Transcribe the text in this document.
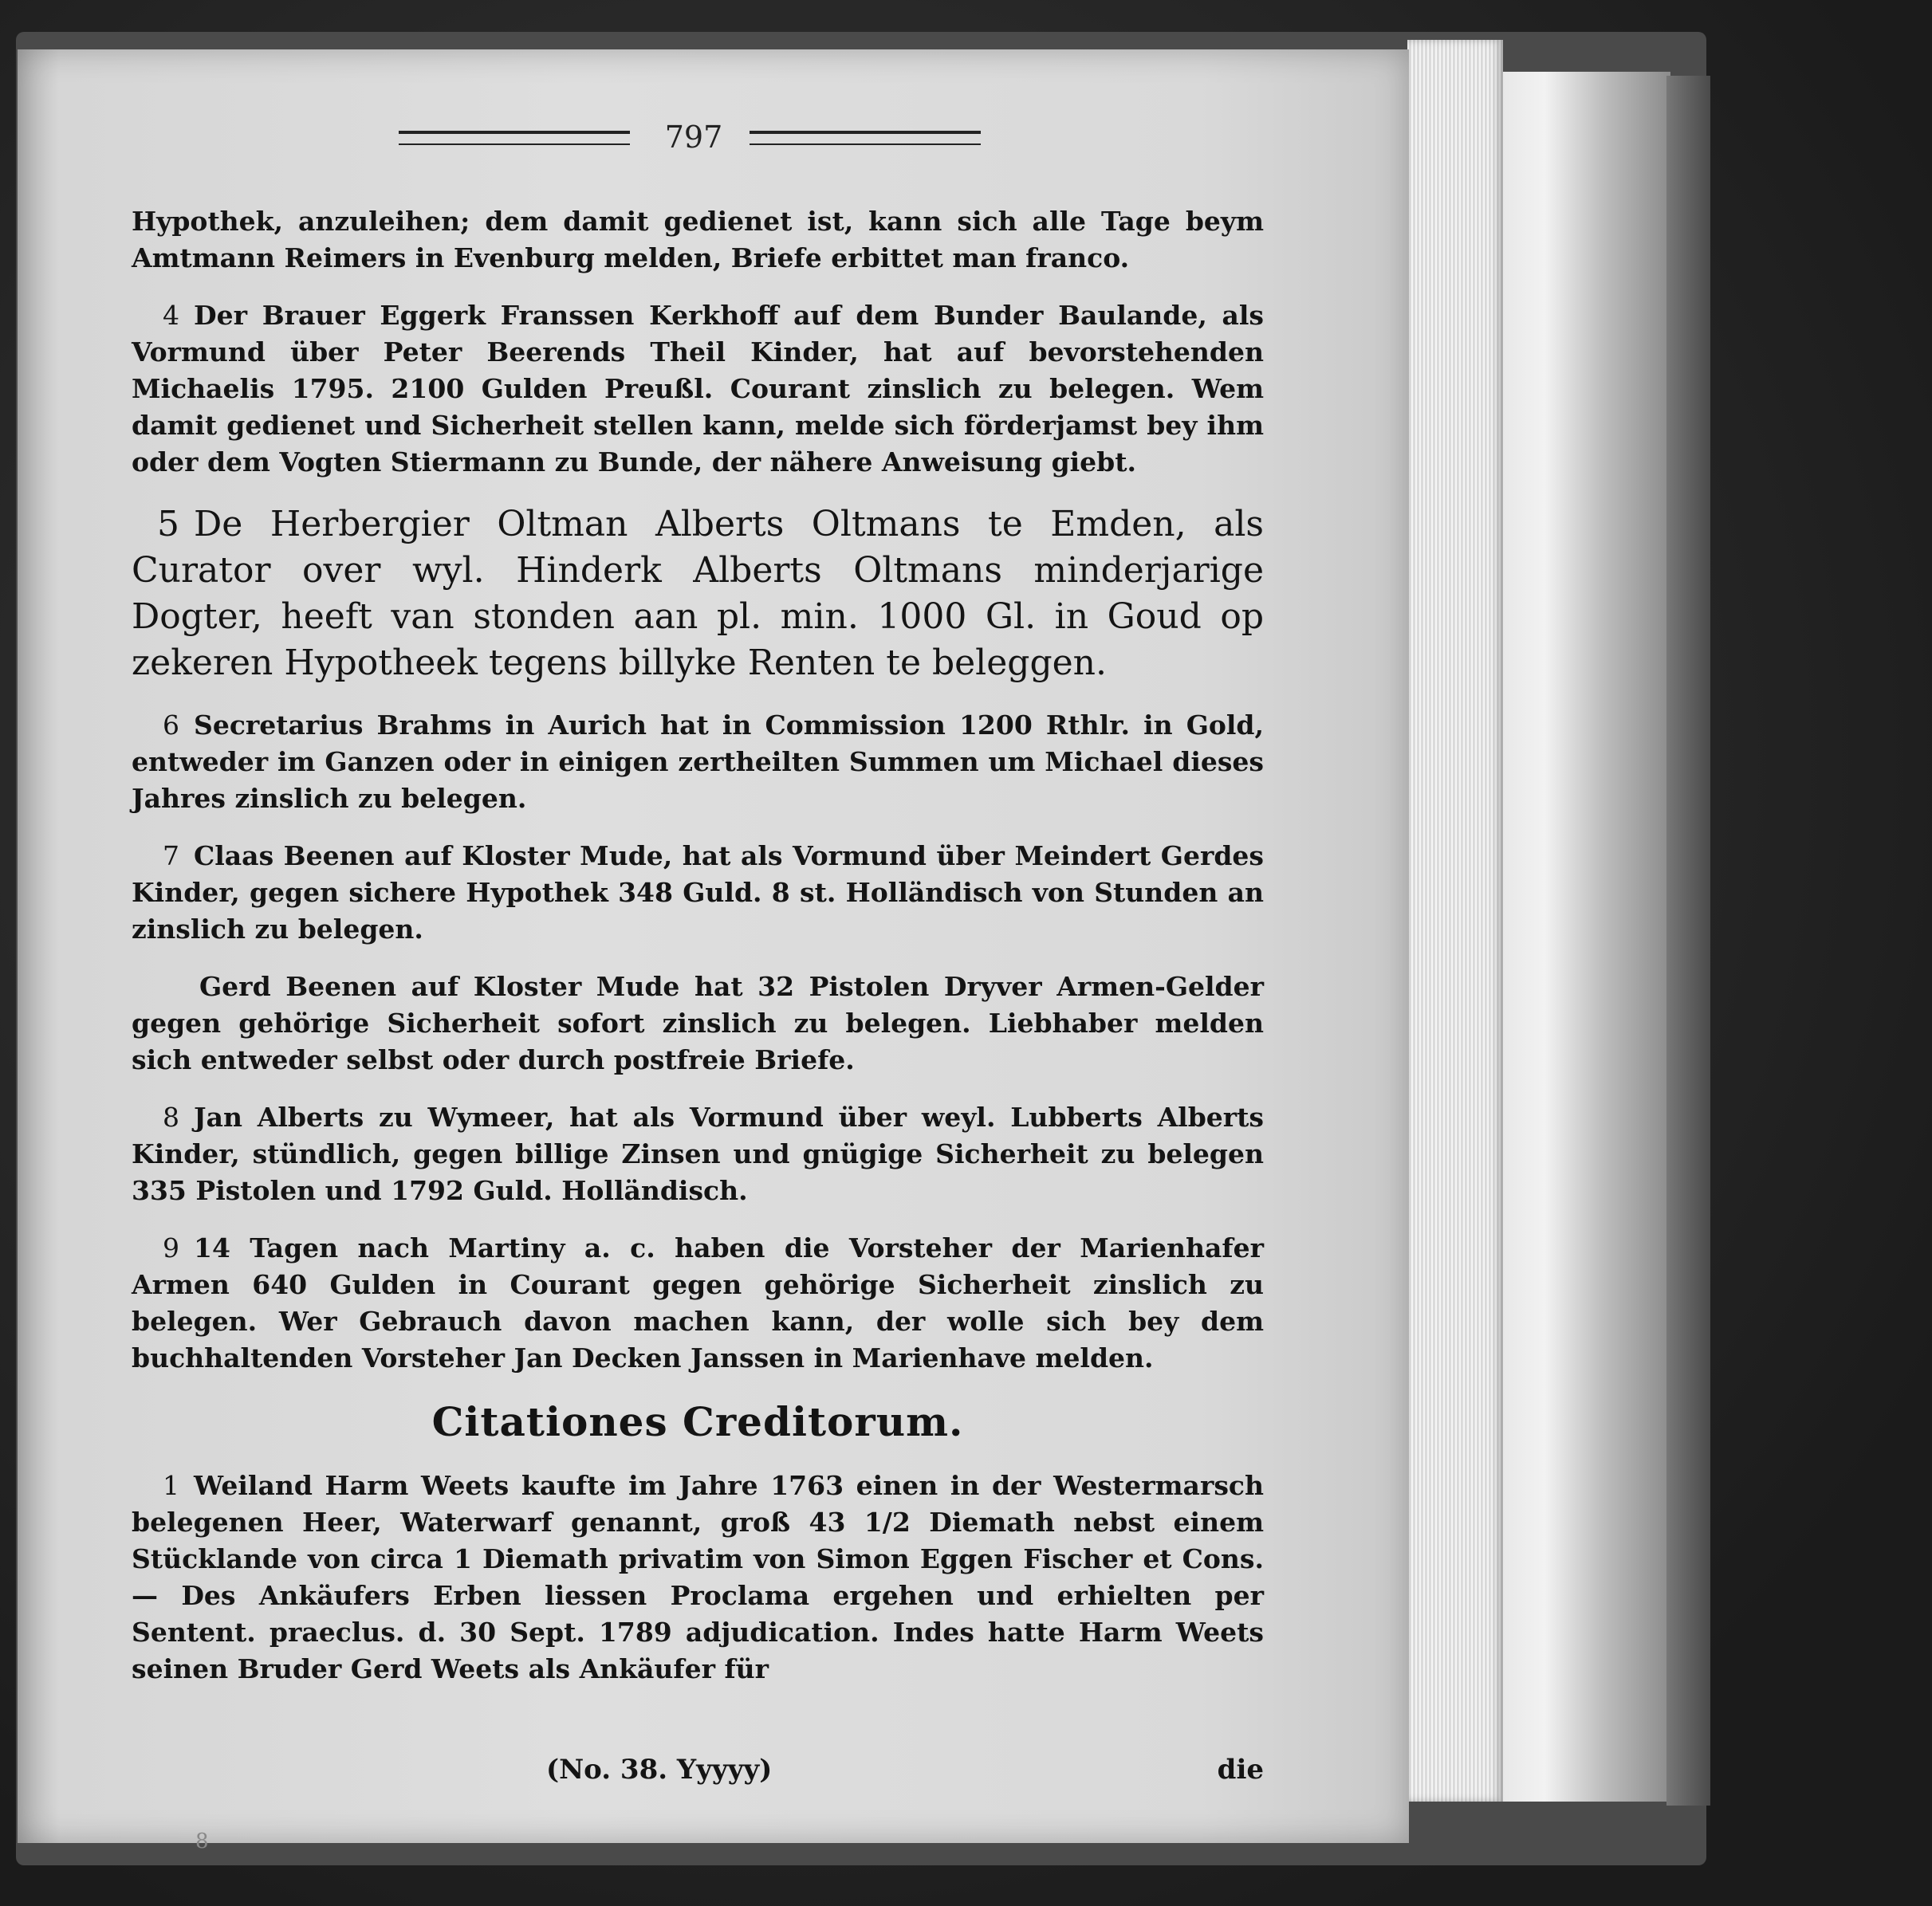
797

Hypothek, anzuleihen; dem damit gedienet ist, kann sich alle Tage beym Amtmann Reimers in Evenburg melden, Briefe erbittet man franco.

4 Der Brauer Eggerk Franssen Kerkhoff auf dem Bunder Baulande, als Vormund über Peter Beerends Theil Kinder, hat auf bevorstehenden Michaelis 1795. 2100 Gulden Preußl. Courant zinslich zu belegen. Wem damit gedienet und Sicherheit stellen kann, melde sich förderjamst bey ihm oder dem Vogten Stiermann zu Bunde, der nähere Anweisung giebt.

5 De Herbergier Oltman Alberts Oltmans te Emden, als Curator over wyl. Hinderk Alberts Oltmans minderjarige Dogter, heeft van stonden aan pl. min. 1000 Gl. in Goud op zekeren Hypotheek tegens billyke Renten te beleggen.

6 Secretarius Brahms in Aurich hat in Commission 1200 Rthlr. in Gold, entweder im Ganzen oder in einigen zertheilten Summen um Michael dieses Jahres zinslich zu belegen.

7 Claas Beenen auf Kloster Mude, hat als Vormund über Meindert Gerdes Kinder, gegen sichere Hypothek 348 Guld. 8 st. Holländisch von Stunden an zinslich zu belegen.

Gerd Beenen auf Kloster Mude hat 32 Pistolen Dryver Armen-Gelder gegen gehörige Sicherheit sofort zinslich zu belegen. Liebhaber melden sich entweder selbst oder durch postfreie Briefe.

8 Jan Alberts zu Wymeer, hat als Vormund über weyl. Lubberts Alberts Kinder, stündlich, gegen billige Zinsen und gnügige Sicherheit zu belegen 335 Pistolen und 1792 Guld. Holländisch.

9 14 Tagen nach Martiny a. c. haben die Vorsteher der Marienhafer Armen 640 Gulden in Courant gegen gehörige Sicherheit zinslich zu belegen. Wer Gebrauch davon machen kann, der wolle sich bey dem buchhaltenden Vorsteher Jan Decken Janssen in Marienhave melden.

Citationes Creditorum.

1 Weiland Harm Weets kaufte im Jahre 1763 einen in der Westermarsch belegenen Heer, Waterwarf genannt, groß 43 1/2 Diemath nebst einem Stücklande von circa 1 Diemath privatim von Simon Eggen Fischer et Cons. — Des Ankäufers Erben liessen Proclama ergehen und erhielten per Sentent. praeclus. d. 30 Sept. 1789 adjudication. Indes hatte Harm Weets seinen Bruder Gerd Weets als Ankäufer für

(No. 38. Yyyyy)	die
8
